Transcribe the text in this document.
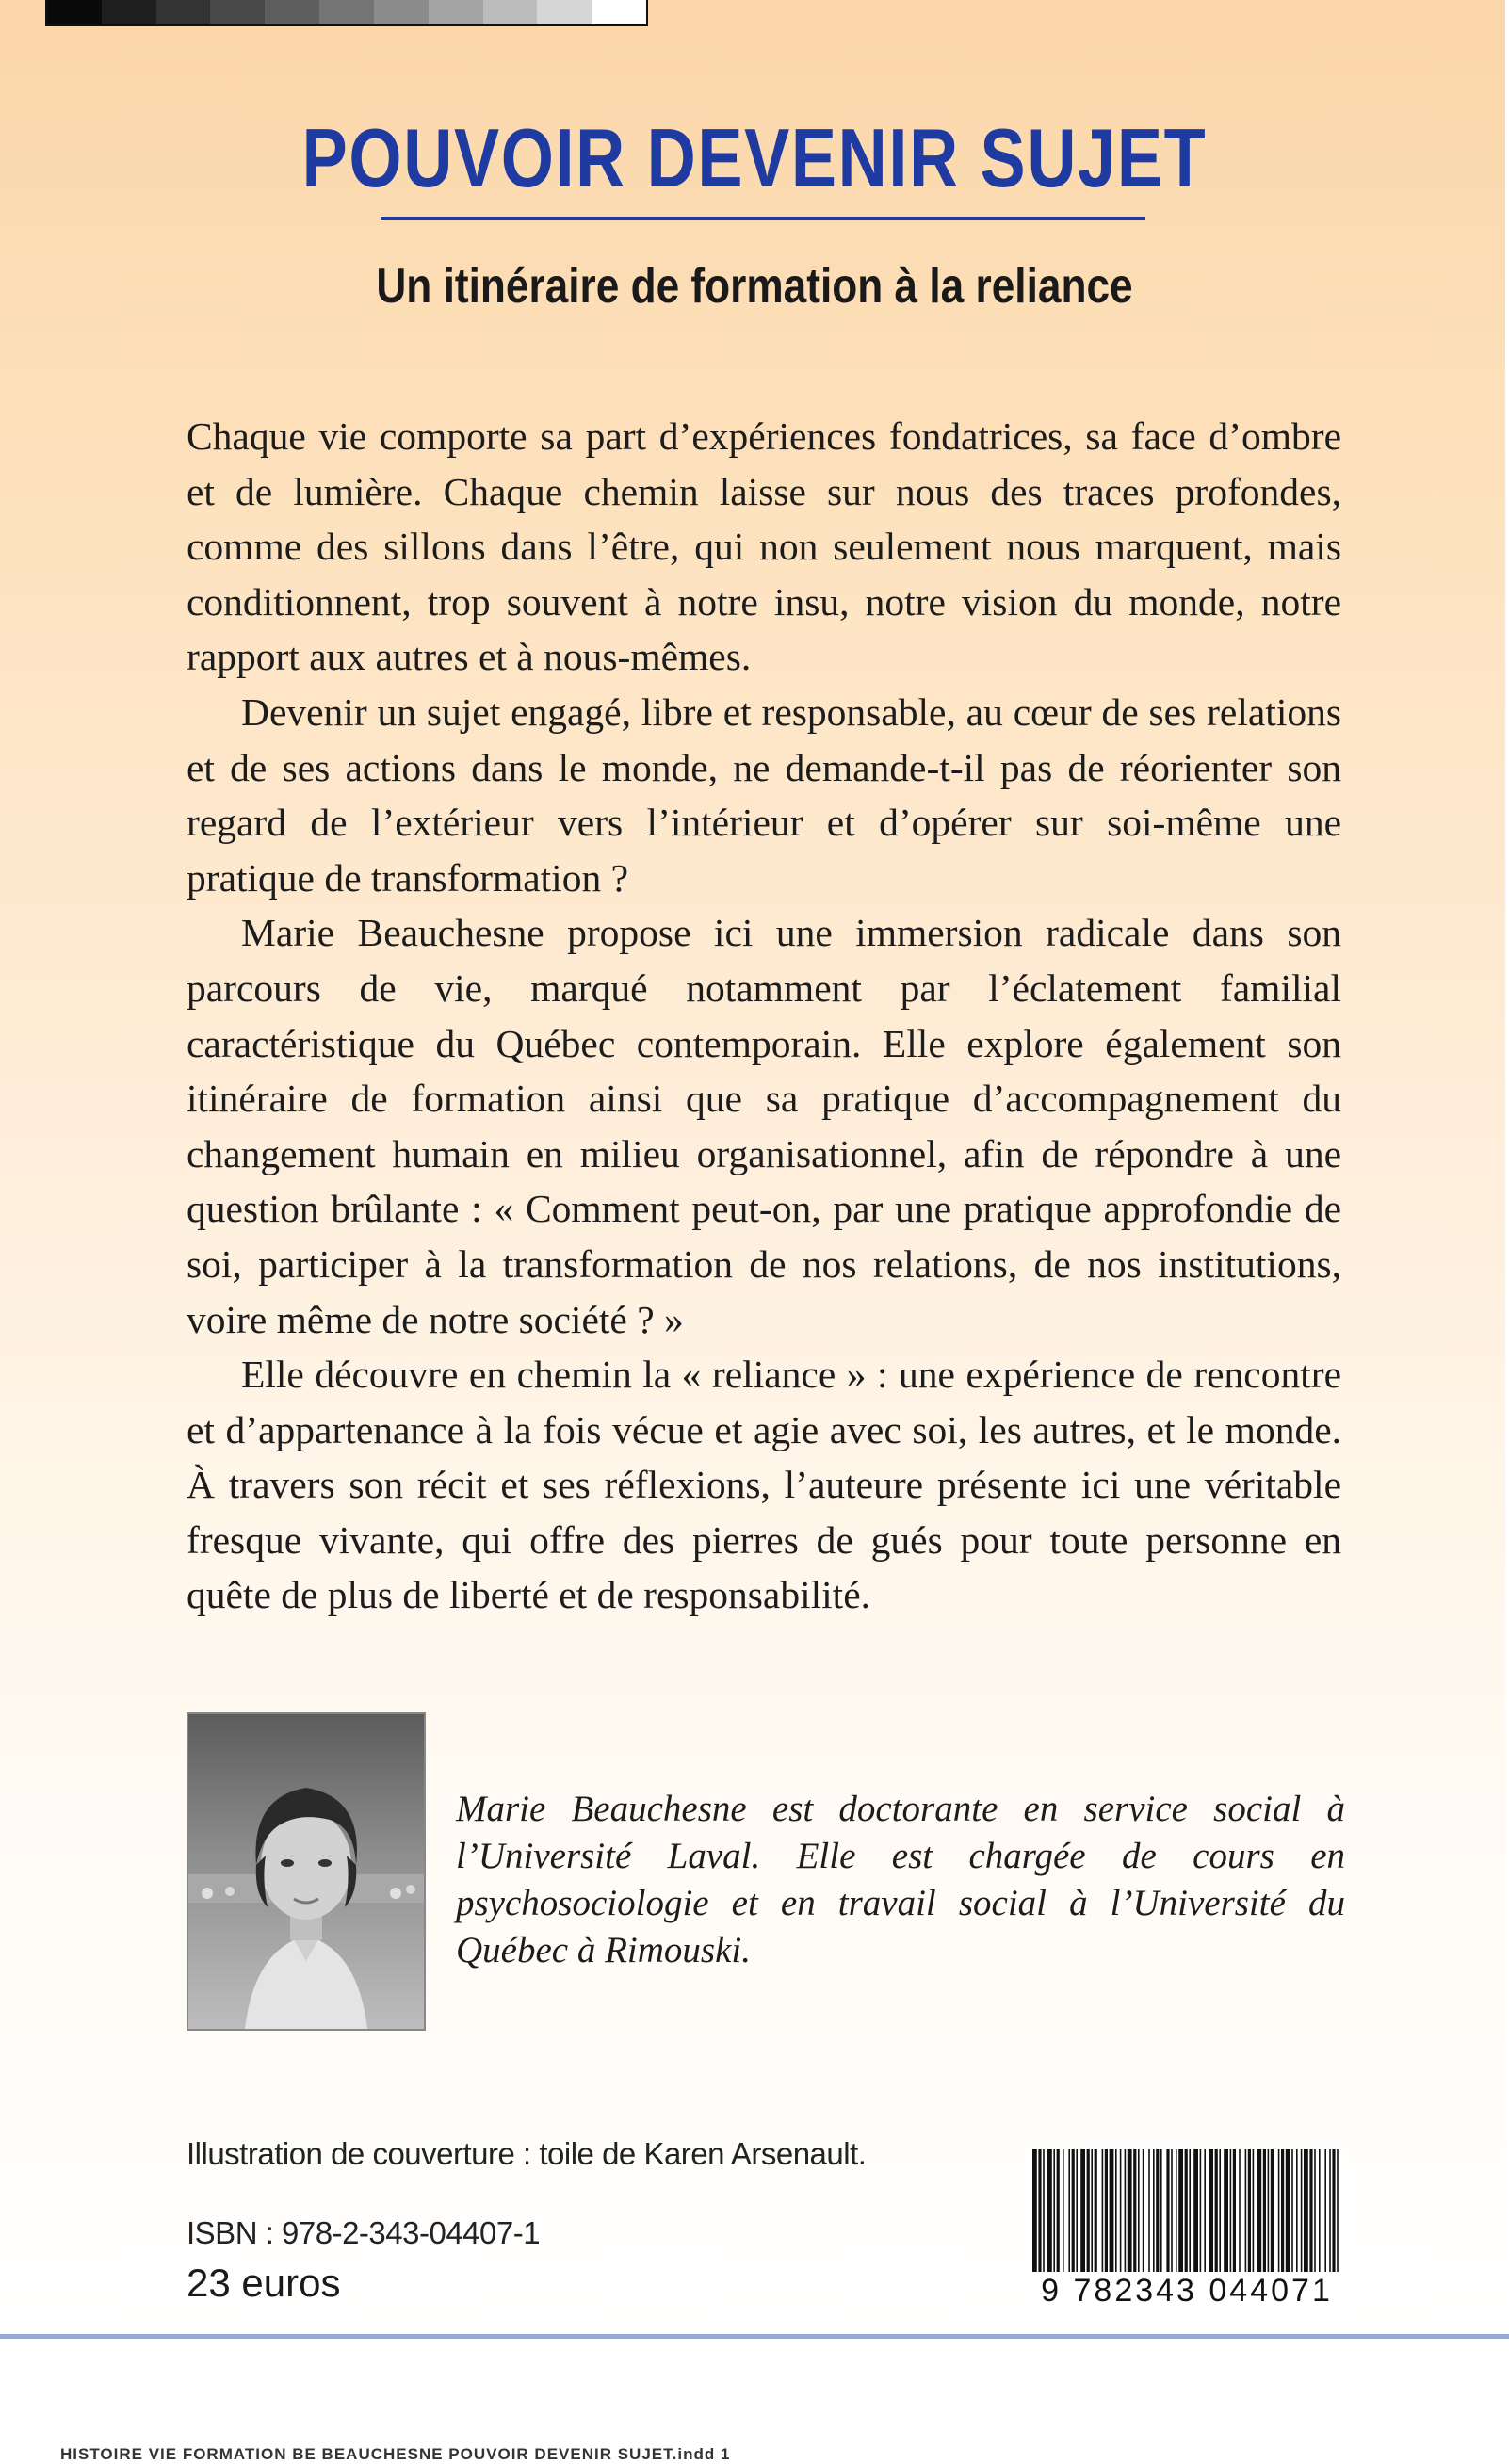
POUVOIR DEVENIR SUJET
Un itinéraire de formation à la reliance

Chaque vie comporte sa part d’expériences fondatrices, sa face d’ombre et de lumière. Chaque chemin laisse sur nous des traces profondes, comme des sillons dans l’être, qui non seulement nous marquent, mais conditionnent, trop souvent à notre insu, notre vision du monde, notre rapport aux autres et à nous-mêmes.

Devenir un sujet engagé, libre et responsable, au cœur de ses relations et de ses actions dans le monde, ne demande-t-il pas de réorienter son regard de l’extérieur vers l’intérieur et d’opérer sur soi-même une pratique de transformation ?

Marie Beauchesne propose ici une immersion radicale dans son parcours de vie, marqué notamment par l’éclatement familial caractéristique du Québec contemporain. Elle explore également son itinéraire de formation ainsi que sa pratique d’accompagnement du changement humain en milieu organisationnel, afin de répondre à une question brûlante : « Comment peut-on, par une pratique approfondie de soi, participer à la transformation de nos relations, de nos institutions, voire même de notre société ? »

Elle découvre en chemin la « reliance » : une expérience de rencontre et d’appartenance à la fois vécue et agie avec soi, les autres, et le monde. À travers son récit et ses réflexions, l’auteure présente ici une véritable fresque vivante, qui offre des pierres de gués pour toute personne en quête de plus de liberté et de responsabilité.

Marie Beauchesne est doctorante en service social à l’Université Laval. Elle est chargée de cours en psychosociologie et en travail social à l’Université du Québec à Rimouski.
Illustration de couverture : toile de Karen Arsenault.
ISBN : 978-2-343-04407-1
23 euros	9 782343 044071
HISTOIRE VIE FORMATION BE BEAUCHESNE POUVOIR DEVENIR SUJET.indd 1
